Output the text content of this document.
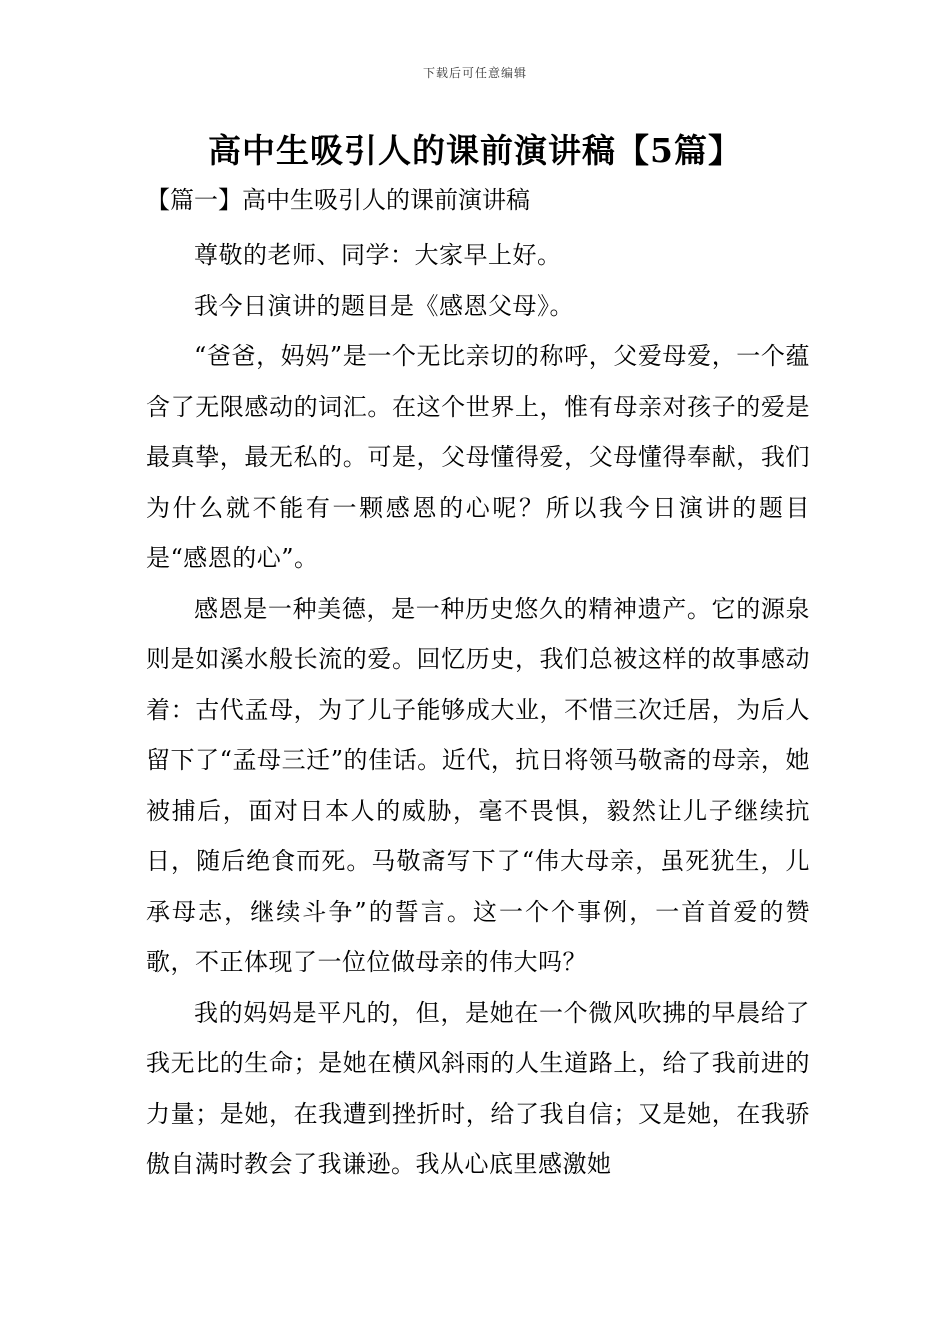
下载后可任意编辑
高中生吸引人的课前演讲稿【5篇】
【篇一】高中生吸引人的课前演讲稿

尊敬的老师、同学：大家早上好。

我今日演讲的题目是《感恩父母》。

“爸爸，妈妈”是一个无比亲切的称呼，父爱母爱，一个蕴含了无限感动的词汇。在这个世界上，惟有母亲对孩子的爱是最真挚，最无私的。可是，父母懂得爱，父母懂得奉献，我们为什么就不能有一颗感恩的心呢？所以我今日演讲的题目是“感恩的心”。

感恩是一种美德，是一种历史悠久的精神遗产。它的源泉则是如溪水般长流的爱。回忆历史，我们总被这样的故事感动着：古代孟母，为了儿子能够成大业，不惜三次迁居，为后人留下了“孟母三迁”的佳话。近代，抗日将领马敬斋的母亲，她被捕后，面对日本人的威胁，毫不畏惧，毅然让儿子继续抗日，随后绝食而死。马敬斋写下了“伟大母亲，虽死犹生，儿承母志，继续斗争”的誓言。这一个个事例，一首首爱的赞歌，不正体现了一位位做母亲的伟大吗？

我的妈妈是平凡的，但，是她在一个微风吹拂的早晨给了我无比的生命；是她在横风斜雨的人生道路上，给了我前进的力量；是她，在我遭到挫折时，给了我自信；又是她，在我骄傲自满时教会了我谦逊。我从心底里感激她
